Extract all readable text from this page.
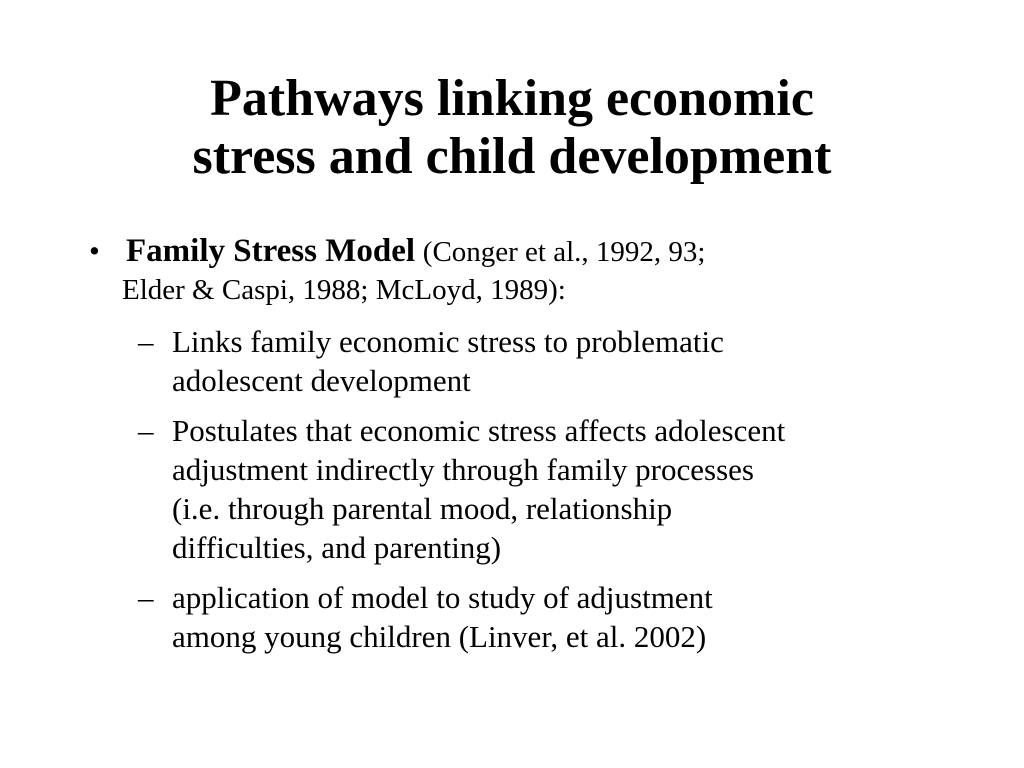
Pathways linking economic
stress and child development
• Family Stress Model (Conger et al., 1992, 93;
Elder & Caspi, 1988; McLoyd, 1989):
– Links family economic stress to problematic
adolescent development
– Postulates that economic stress affects adolescent
adjustment indirectly through family processes
(i.e. through parental mood, relationship
difficulties, and parenting)
– application of model to study of adjustment
among young children (Linver, et al. 2002)
